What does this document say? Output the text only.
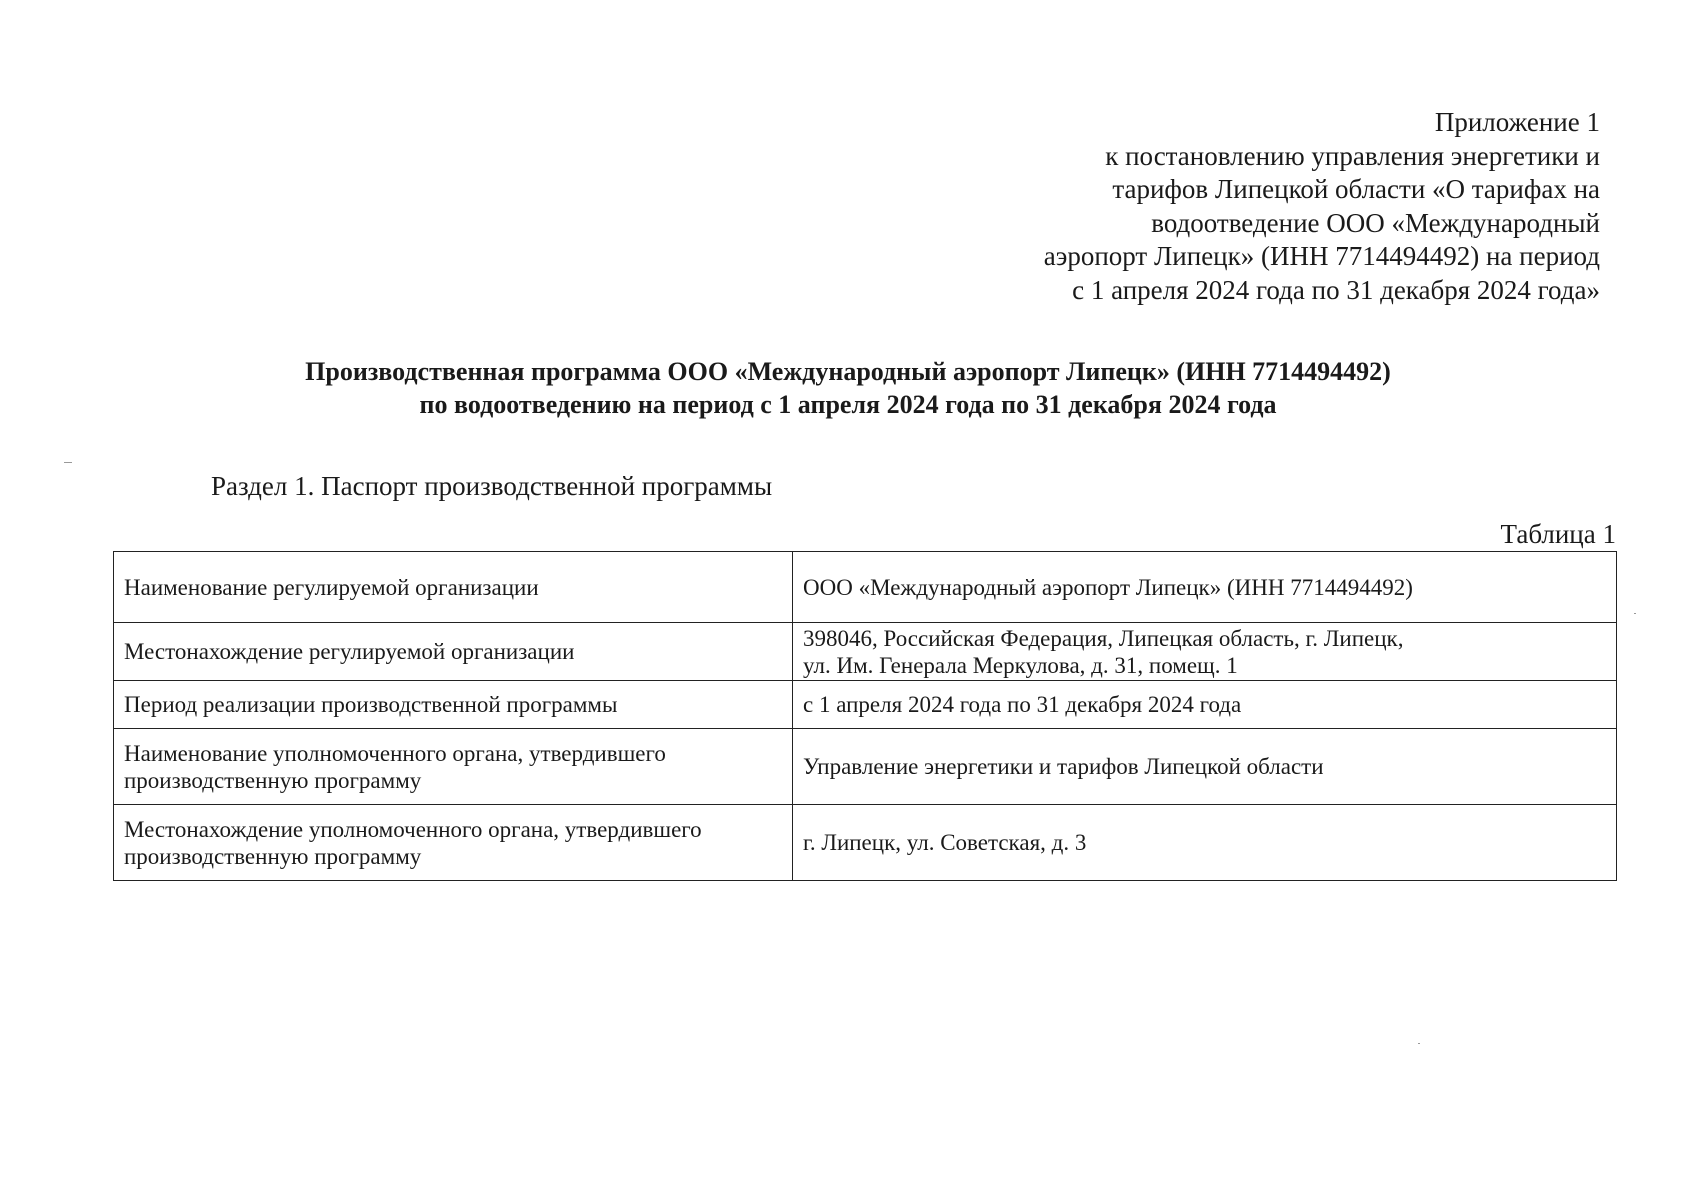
Приложение 1
к постановлению управления энергетики и
тарифов Липецкой области «О тарифах на
водоотведение ООО «Международный
аэропорт Липецк» (ИНН 7714494492) на период
с 1 апреля 2024 года по 31 декабря 2024 года»
Производственная программа ООО «Международный аэропорт Липецк» (ИНН 7714494492)
по водоотведению на период с 1 апреля 2024 года по 31 декабря 2024 года
Раздел 1. Паспорт производственной программы
Таблица 1
Наименование регулируемой организации	ООО «Международный аэропорт Липецк» (ИНН 7714494492)

Местонахождение регулируемой организации	398046, Российская Федерация, Липецкая область, г. Липецк,
ул. Им. Генерала Меркулова, д. 31, помещ. 1

Период реализации производственной программы	с 1 апреля 2024 года по 31 декабря 2024 года

Наименование уполномоченного органа, утвердившего
производственную программу	Управление энергетики и тарифов Липецкой области

Местонахождение уполномоченного органа, утвердившего
производственную программу	г. Липецк, ул. Советская, д. 3
